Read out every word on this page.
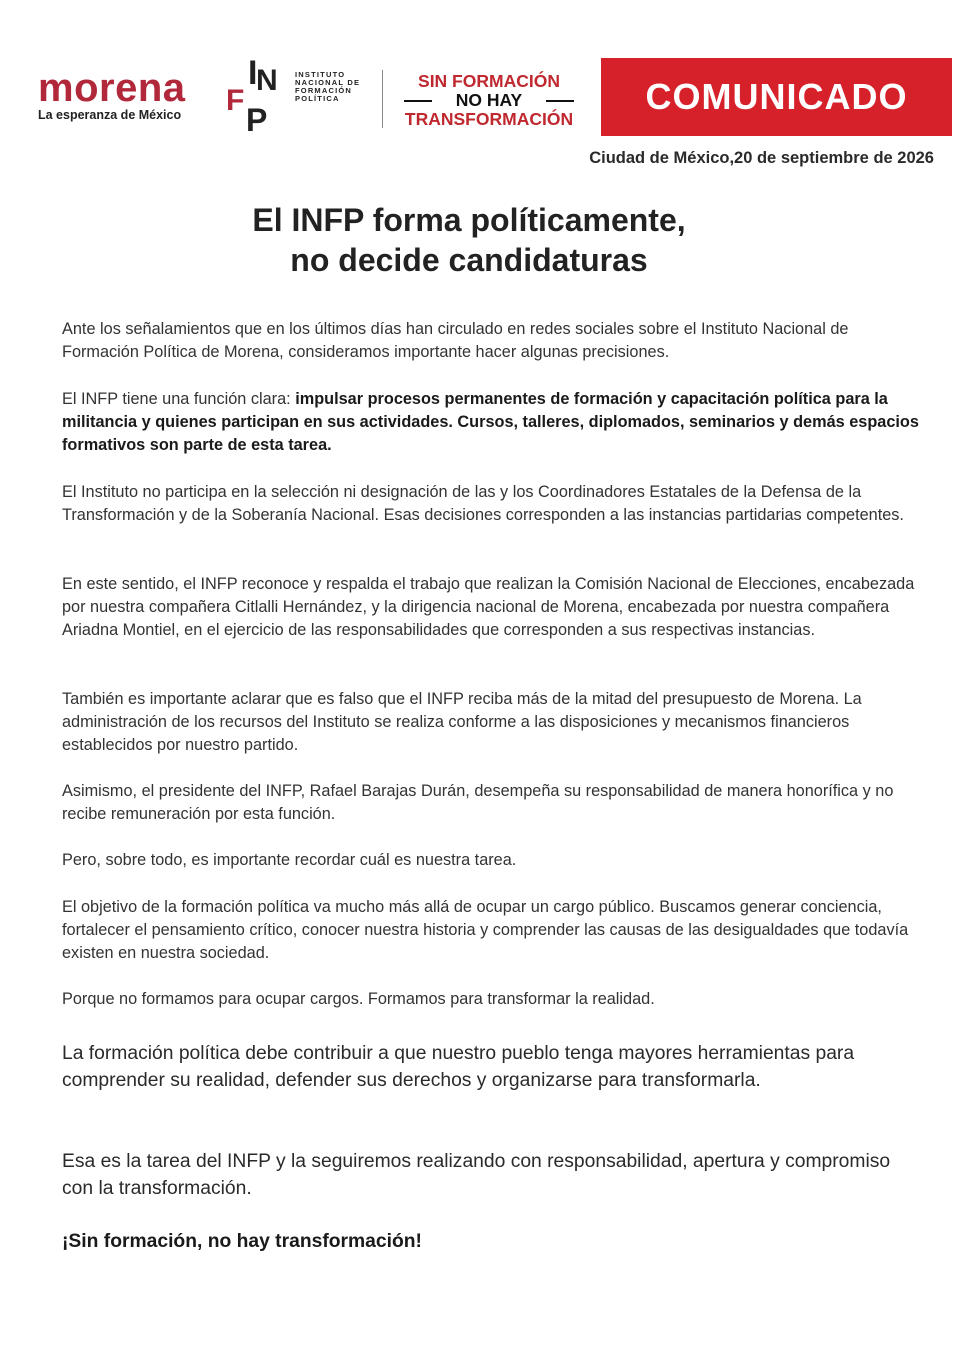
morena
La esperanza de México
I
N
F
P
INSTITUTO
NACIONAL DE
FORMACIÓN
POLÍTICA
SIN FORMACIÓN
NO HAY
TRANSFORMACIÓN
COMUNICADO
Ciudad de México,20 de septiembre de 2026
El INFP forma políticamente,
no decide candidaturas

Ante los señalamientos que en los últimos días han circulado en redes sociales sobre el Instituto Nacional de Formación Política de Morena, consideramos importante hacer algunas precisiones.

El INFP tiene una función clara: impulsar procesos permanentes de formación y capacitación política para la militancia y quienes participan en sus actividades. Cursos, talleres, diplomados, seminarios y demás espacios formativos son parte de esta tarea.

El Instituto no participa en la selección ni designación de las y los Coordinadores Estatales de la Defensa de la Transformación y de la Soberanía Nacional. Esas decisiones corresponden a las instancias partidarias competentes.

En este sentido, el INFP reconoce y respalda el trabajo que realizan la Comisión Nacional de Elecciones, encabezada por nuestra compañera Citlalli Hernández, y la dirigencia nacional de Morena, encabezada por nuestra compañera Ariadna Montiel, en el ejercicio de las responsabilidades que corresponden a sus respectivas instancias.

También es importante aclarar que es falso que el INFP reciba más de la mitad del presupuesto de Morena. La administración de los recursos del Instituto se realiza conforme a las disposiciones y mecanismos financieros establecidos por nuestro partido.

Asimismo, el presidente del INFP, Rafael Barajas Durán, desempeña su responsabilidad de manera honorífica y no recibe remuneración por esta función.

Pero, sobre todo, es importante recordar cuál es nuestra tarea.

El objetivo de la formación política va mucho más allá de ocupar un cargo público. Buscamos generar conciencia, fortalecer el pensamiento crítico, conocer nuestra historia y comprender las causas de las desigualdades que todavía existen en nuestra sociedad.

Porque no formamos para ocupar cargos. Formamos para transformar la realidad.

La formación política debe contribuir a que nuestro pueblo tenga mayores herramientas para comprender su realidad, defender sus derechos y organizarse para transformarla.

Esa es la tarea del INFP y la seguiremos realizando con responsabilidad, apertura y compromiso con la transformación.

¡Sin formación, no hay transformación!
